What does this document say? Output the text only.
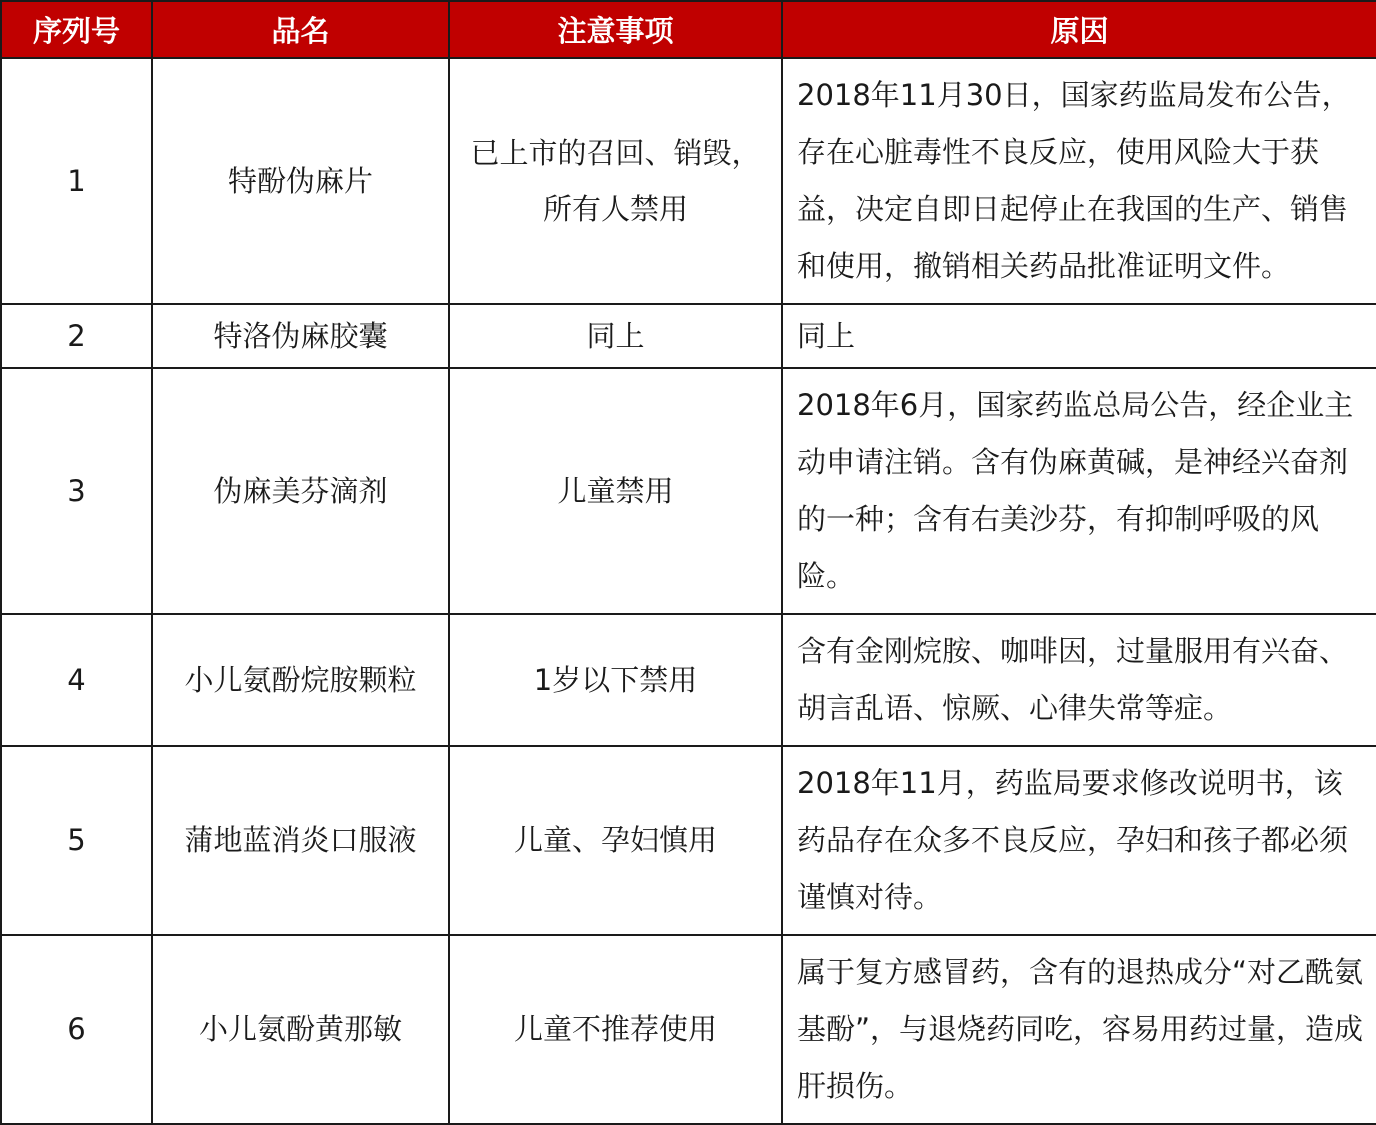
序列号	品名	注意事项	原因
1	特酚伪麻片	已上市的召回、销毁，所有人禁用	2018年11月30日，国家药监局发布公告，存在心脏毒性不良反应，使用风险大于获益，决定自即日起停止在我国的生产、销售和使用，撤销相关药品批准证明文件。
2	特洛伪麻胶囊	同上	同上
3	伪麻美芬滴剂	儿童禁用	2018年6月，国家药监总局公告，经企业主动申请注销。含有伪麻黄碱，是神经兴奋剂的一种；含有右美沙芬，有抑制呼吸的风险。
4	小儿氨酚烷胺颗粒	1岁以下禁用	含有金刚烷胺、咖啡因，过量服用有兴奋、胡言乱语、惊厥、心律失常等症。
5	蒲地蓝消炎口服液	儿童、孕妇慎用	2018年11月，药监局要求修改说明书，该药品存在众多不良反应，孕妇和孩子都必须谨慎对待。
6	小儿氨酚黄那敏	儿童不推荐使用	属于复方感冒药，含有的退热成分“对乙酰氨基酚”，与退烧药同吃，容易用药过量，造成肝损伤。
